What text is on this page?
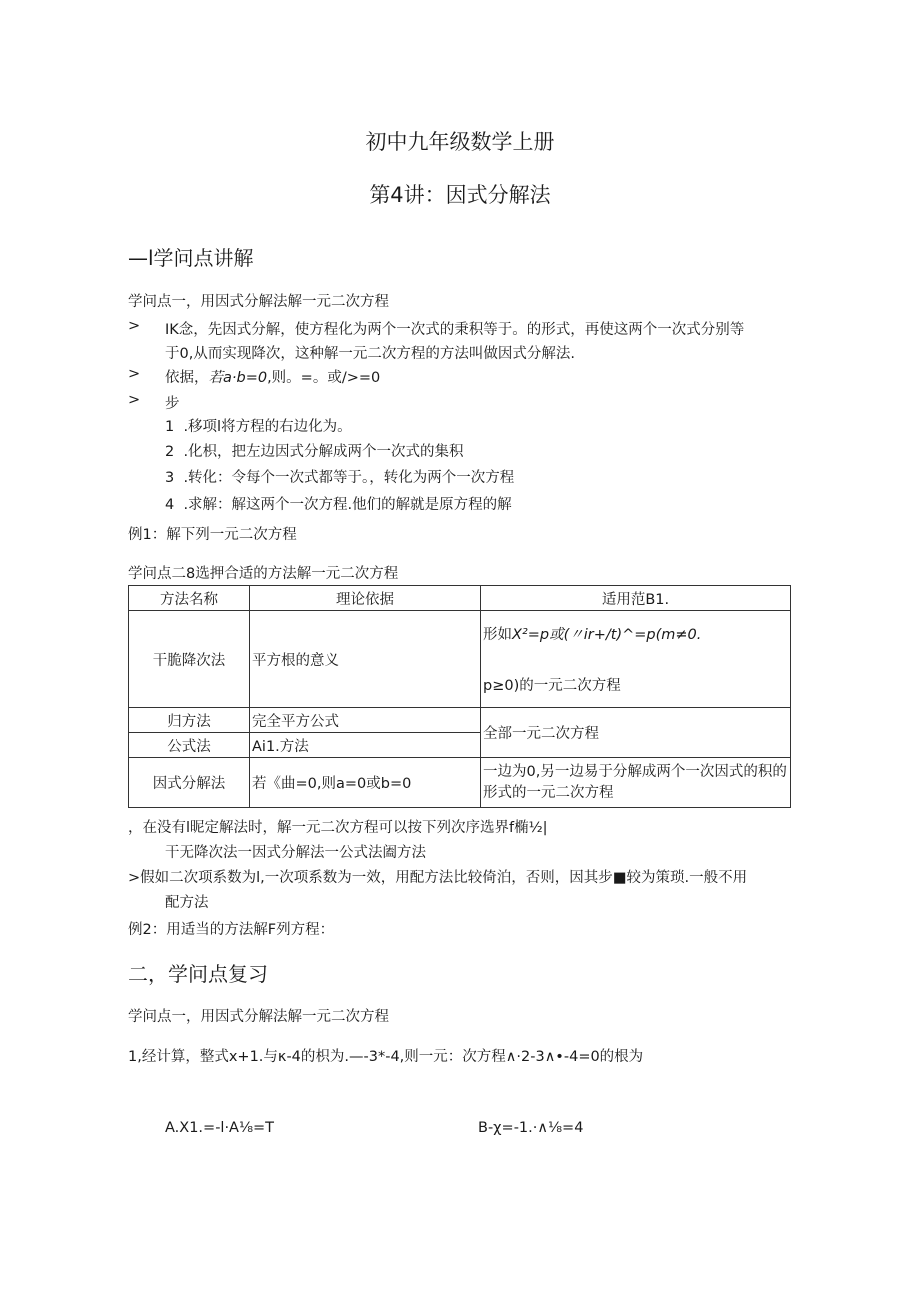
初中九年级数学上册
第4讲：因式分解法
—l学问点讲解
学问点一，用因式分解法解一元二次方程
> IK念，先因式分解，使方程化为两个一次式的秉积等于。的形式，再使这两个一次式分别等
于0,从而实现降次，这种解一元二次方程的方法叫做因式分解法.
> 依据，若a·b=0,则。=。或/>=0
> 步
1 .移项l将方程的右边化为。
2 .化枳，把左边因式分解成两个一次式的集积
3 .转化：令每个一次式都等于。，转化为两个一次方程
4 .求解：解这两个一次方程.他们的解就是原方程的解
例1：解下列一元二次方程
学问点二8选押合适的方法解一元二次方程
方法名称	理论依据	适用范B1.
干脆降次法	平方根的意义	形如X²=p或(〃ir+/t)^=p(m≠0.
p≥0)的一元二次方程
归方法	完全平方公式	全部一元二次方程
公式法	Ai1.方法	
因式分解法	若《曲=0,则a=0或b=0	一边为0,另一边易于分解成两个一次因式的积的形式的一元二次方程
，在没有l昵定解法时，解一元二次方程可以按下列次序选界f椭½|
干无降次法一因式分解法一公式法阖方法
>假如二次项系数为l,一次项系数为一效，用配方法比较倚泊，否则，因其步■较为策琐.一般不用
配方法
例2：用适当的方法解F列方程：
二，学问点复习
学问点一，用因式分解法解一元二次方程
1,经计算，整式x+1.与κ-4的枳为.—-3*-4,则一元：次方程∧·2-3∧•-4=0的根为
A.X1.=-l·A⅛=T	B-χ=-1.·∧⅛=4
